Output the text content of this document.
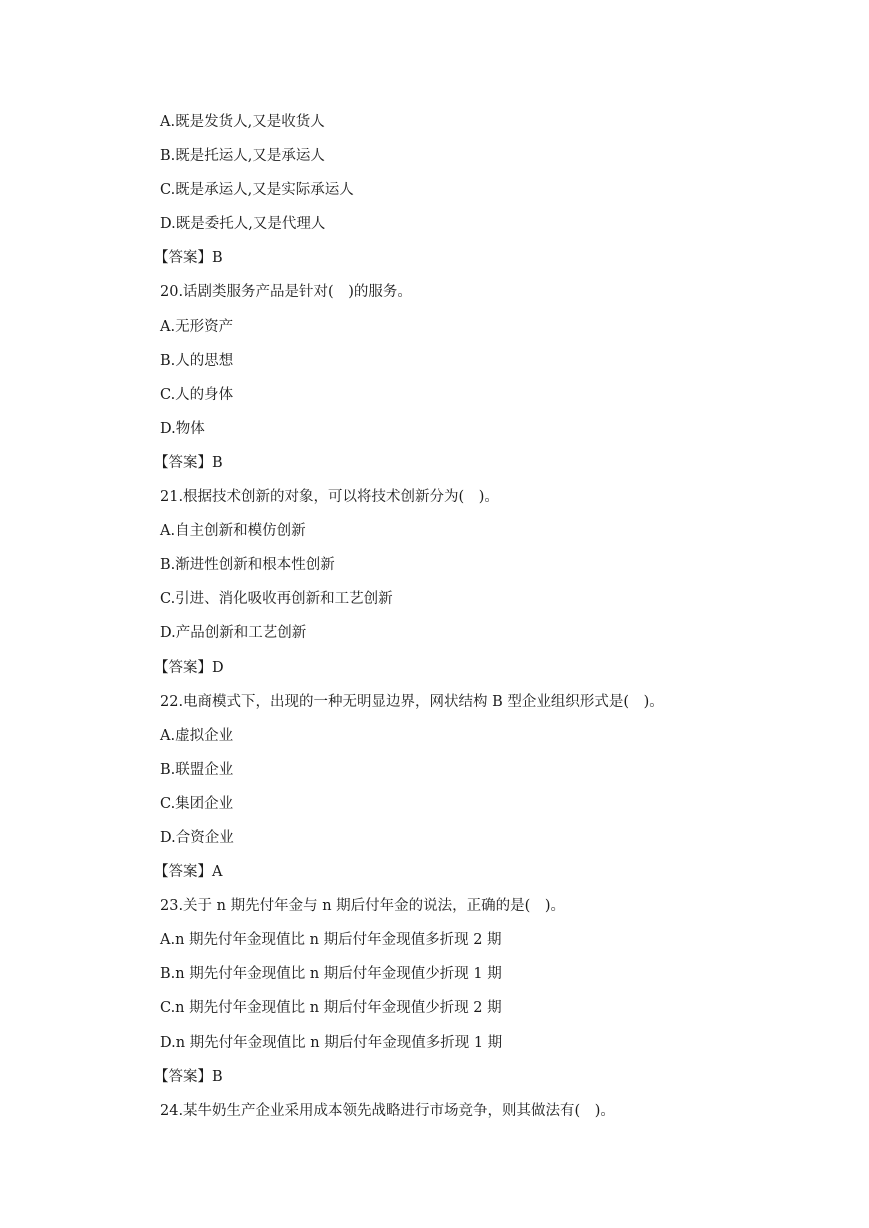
A.既是发货人,又是收货人
B.既是托运人,又是承运人
C.既是承运人,又是实际承运人
D.既是委托人,又是代理人
【答案】B
20.话剧类服务产品是针对(　)的服务。
A.无形资产
B.人的思想
C.人的身体
D.物体
【答案】B
21.根据技术创新的对象，可以将技术创新分为(　)。
A.自主创新和模仿创新
B.渐进性创新和根本性创新
C.引进、消化吸收再创新和工艺创新
D.产品创新和工艺创新
【答案】D
22.电商模式下，出现的一种无明显边界，网状结构 B 型企业组织形式是(　)。
A.虚拟企业
B.联盟企业
C.集团企业
D.合资企业
【答案】A
23.关于 n 期先付年金与 n 期后付年金的说法，正确的是(　)。
A.n 期先付年金现值比 n 期后付年金现值多折现 2 期
B.n 期先付年金现值比 n 期后付年金现值少折现 1 期
C.n 期先付年金现值比 n 期后付年金现值少折现 2 期
D.n 期先付年金现值比 n 期后付年金现值多折现 1 期
【答案】B
24.某牛奶生产企业采用成本领先战略进行市场竞争，则其做法有(　)。
